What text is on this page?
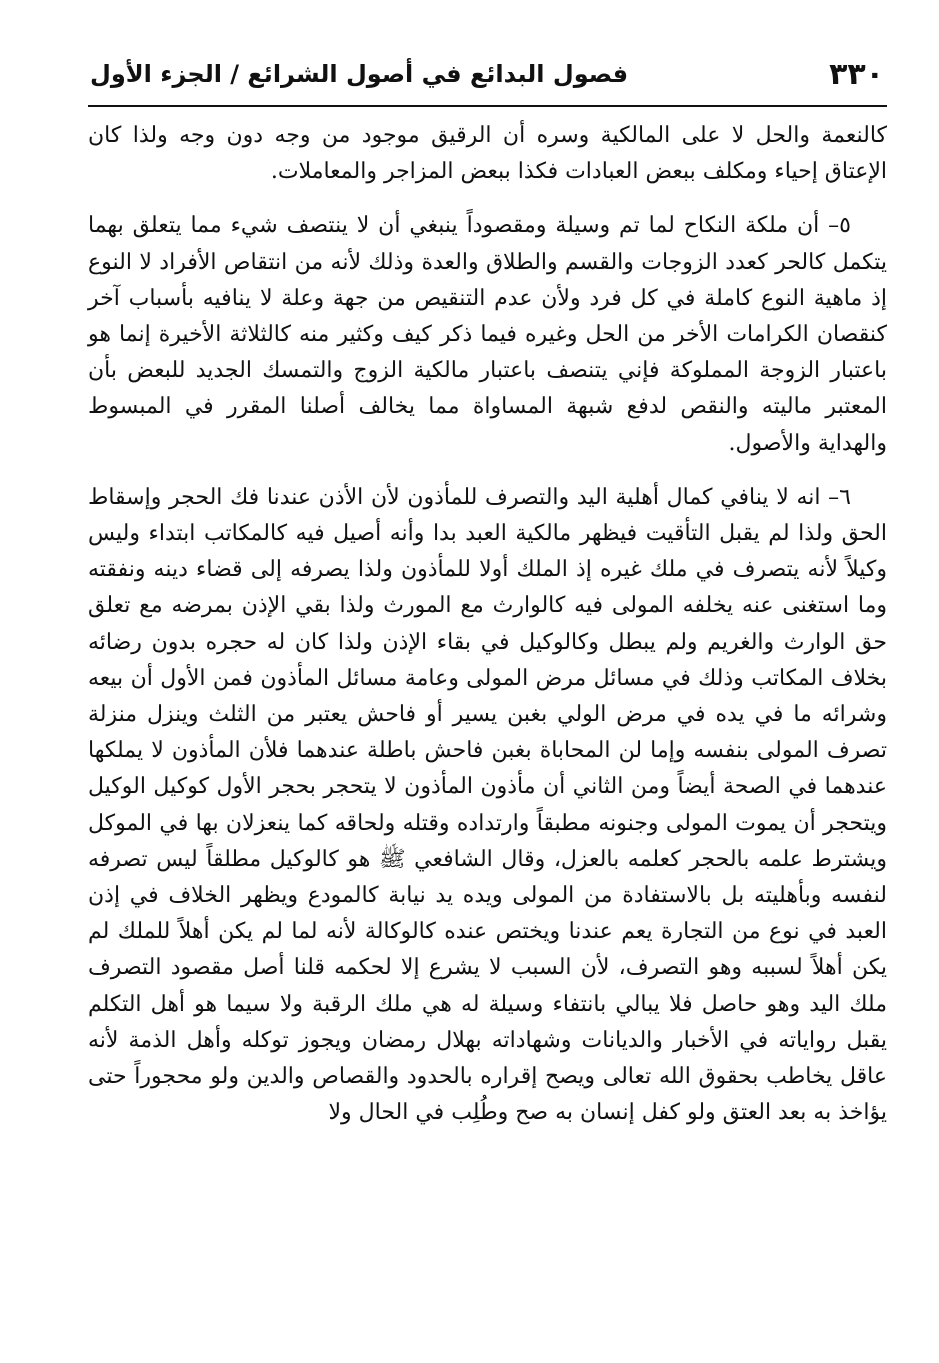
٣٣٠
فصول البدائع في أصول الشرائع / الجزء الأول

كالنعمة والحل لا على المالكية وسره أن الرقيق موجود من وجه دون وجه ولذا كان الإعتاق إحياء ومكلف ببعض العبادات فكذا ببعض المزاجر والمعاملات.

٥– أن ملكة النكاح لما تم وسيلة ومقصوداً ينبغي أن لا ينتصف شيء مما يتعلق بهما يتكمل كالحر كعدد الزوجات والقسم والطلاق والعدة وذلك لأنه من انتقاص الأفراد لا النوع إذ ماهية النوع كاملة في كل فرد ولأن عدم التنقيص من جهة وعلة لا ينافيه بأسباب آخر كنقصان الكرامات الأخر من الحل وغيره فيما ذكر كيف وكثير منه كالثلاثة الأخيرة إنما هو باعتبار الزوجة المملوكة فإني يتنصف باعتبار مالكية الزوج والتمسك الجديد للبعض بأن المعتبر ماليته والنقص لدفع شبهة المساواة مما يخالف أصلنا المقرر في المبسوط والهداية والأصول.

٦– انه لا ينافي كمال أهلية اليد والتصرف للمأذون لأن الأذن عندنا فك الحجر وإسقاط الحق ولذا لم يقبل التأقيت فيظهر مالكية العبد بدا وأنه أصيل فيه كالمكاتب ابتداء وليس وكيلاً لأنه يتصرف في ملك غيره إذ الملك أولا للمأذون ولذا يصرفه إلى قضاء دينه ونفقته وما استغنى عنه يخلفه المولى فيه كالوارث مع المورث ولذا بقي الإذن بمرضه مع تعلق حق الوارث والغريم ولم يبطل وكالوكيل في بقاء الإذن ولذا كان له حجره بدون رضائه بخلاف المكاتب وذلك في مسائل مرض المولى وعامة مسائل المأذون فمن الأول أن بيعه وشرائه ما في يده في مرض الولي بغبن يسير أو فاحش يعتبر من الثلث وينزل منزلة تصرف المولى بنفسه وإما لن المحاباة بغبن فاحش باطلة عندهما فلأن المأذون لا يملكها عندهما في الصحة أيضاً ومن الثاني أن مأذون المأذون لا يتحجر بحجر الأول كوكيل الوكيل ويتحجر أن يموت المولى وجنونه مطبقاً وارتداده وقتله ولحاقه كما ينعزلان بها في الموكل ويشترط علمه بالحجر كعلمه بالعزل، وقال الشافعي ﷺ هو كالوكيل مطلقاً ليس تصرفه لنفسه وبأهليته بل بالاستفادة من المولى ويده يد نيابة كالمودع ويظهر الخلاف في إذن العبد في نوع من التجارة يعم عندنا ويختص عنده كالوكالة لأنه لما لم يكن أهلاً للملك لم يكن أهلاً لسببه وهو التصرف، لأن السبب لا يشرع إلا لحكمه قلنا أصل مقصود التصرف ملك اليد وهو حاصل فلا يبالي بانتفاء وسيلة له هي ملك الرقبة ولا سيما هو أهل التكلم يقبل رواياته في الأخبار والديانات وشهاداته بهلال رمضان ويجوز توكله وأهل الذمة لأنه عاقل يخاطب بحقوق الله تعالى ويصح إقراره بالحدود والقصاص والدين ولو محجوراً حتى يؤاخذ به بعد العتق ولو كفل إنسان به صح وطُلِب في الحال ولا
